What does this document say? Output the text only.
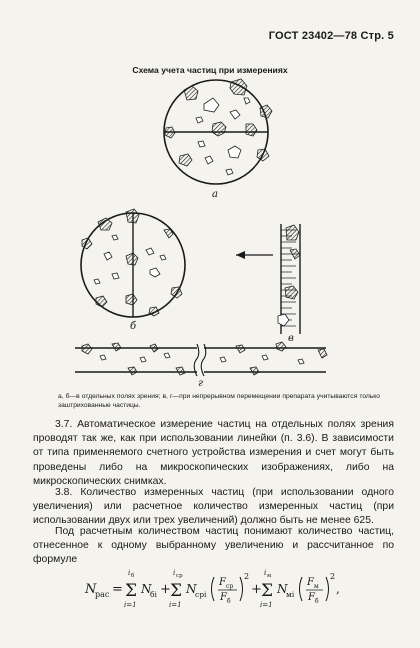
ГОСТ 23402—78 Стр. 5
Схема учета частиц при измерениях
а
б
в
г
а, б—в отдельных полях зрения; в, г—при непрерывном перемещении препарата учитываются только заштрихованные частицы.

3.7. Автоматическое измерение частиц на отдельных полях зрения проводят так же, как при использовании линейки (п. 3.6). В зависимости от типа применяемого счетного устройства измерения и счет могут быть проведены либо на микроскопических изображениях, либо на микроскопических снимках.

3.8. Количество измеренных частиц (при использовании одного увеличения) или расчетное количество измеренных частиц (при использовании двух или трех увеличений) должно быть не менее 625.

Под расчетным количеством частиц понимают количество частиц, отнесенное к одному выбранному увеличению и рассчитанное по формуле

N
рас = Σ
i б
i=1
N
бi + Σ
i ср
i=1
N
срi
F ср
F б
2
+ Σ
i м
i=1
N
мi
F м
F б
2
,
